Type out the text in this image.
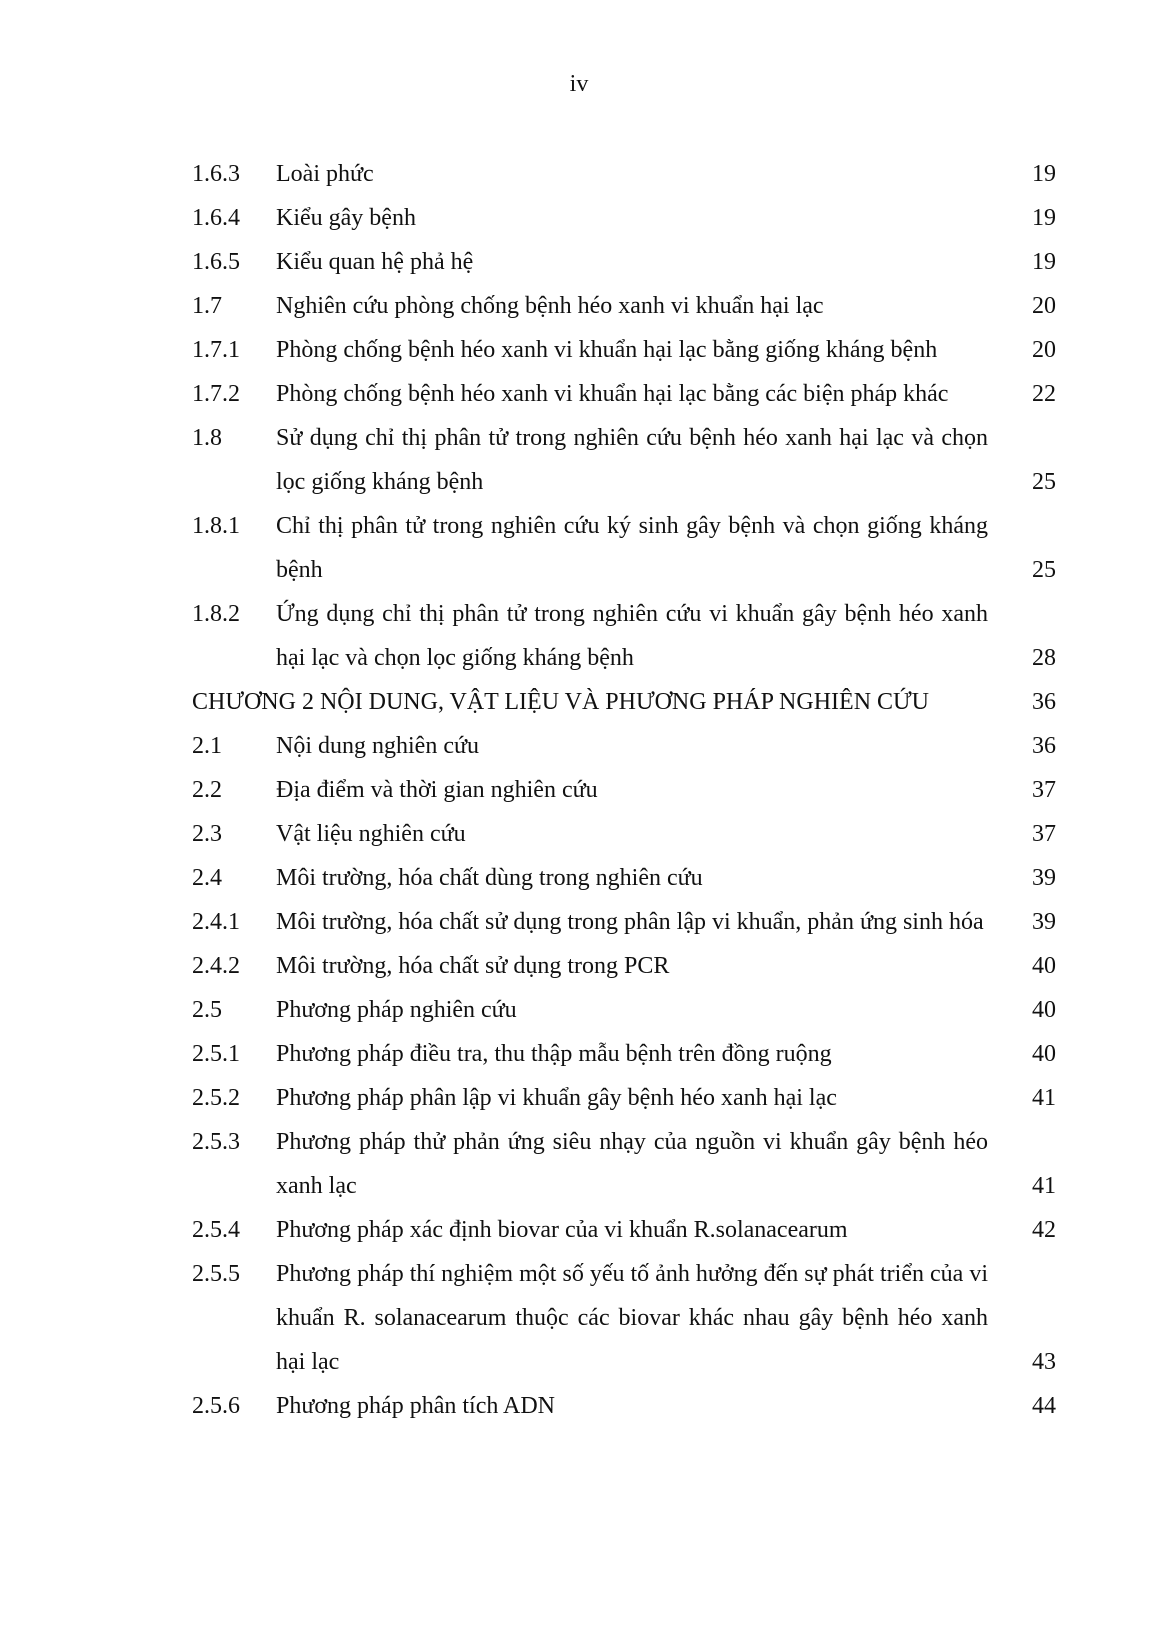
iv
1.6.3 Loài phức	19
1.6.4 Kiểu gây bệnh	19
1.6.5 Kiểu quan hệ phả hệ	19
1.7 Nghiên cứu phòng chống bệnh héo xanh vi khuẩn hại lạc	20
1.7.1 Phòng chống bệnh héo xanh vi khuẩn hại lạc bằng giống kháng bệnh	20
1.7.2 Phòng chống bệnh héo xanh vi khuẩn hại lạc bằng các biện pháp khác	22
1.8 Sử dụng chỉ thị phân tử trong nghiên cứu bệnh héo xanh hại lạc và chọn lọc giống kháng bệnh	25
1.8.1 Chỉ thị phân tử trong nghiên cứu ký sinh gây bệnh và chọn giống kháng bệnh	25
1.8.2 Ứng dụng chỉ thị phân tử trong nghiên cứu vi khuẩn gây bệnh héo xanh hại lạc và chọn lọc giống kháng bệnh	28
CHƯƠNG 2 NỘI DUNG, VẬT LIỆU VÀ PHƯƠNG PHÁP NGHIÊN CỨU	36
2.1 Nội dung nghiên cứu	36
2.2 Địa điểm và thời gian nghiên cứu	37
2.3 Vật liệu nghiên cứu	37
2.4 Môi trường, hóa chất dùng trong nghiên cứu	39
2.4.1 Môi trường, hóa chất sử dụng trong phân lập vi khuẩn, phản ứng sinh hóa 39
2.4.2 Môi trường, hóa chất sử dụng trong PCR	40
2.5 Phương pháp nghiên cứu	40
2.5.1 Phương pháp điều tra, thu thập mẫu bệnh trên đồng ruộng	40
2.5.2 Phương pháp phân lập vi khuẩn gây bệnh héo xanh hại lạc	41
2.5.3 Phương pháp thử phản ứng siêu nhạy của nguồn vi khuẩn gây bệnh héo xanh lạc	41
2.5.4 Phương pháp xác định biovar của vi khuẩn R.solanacearum	42
2.5.5 Phương pháp thí nghiệm một số yếu tố ảnh hưởng đến sự phát triển của vi khuẩn R. solanacearum thuộc các biovar khác nhau gây bệnh héo xanh hại lạc	43
2.5.6 Phương pháp phân tích ADN	44
